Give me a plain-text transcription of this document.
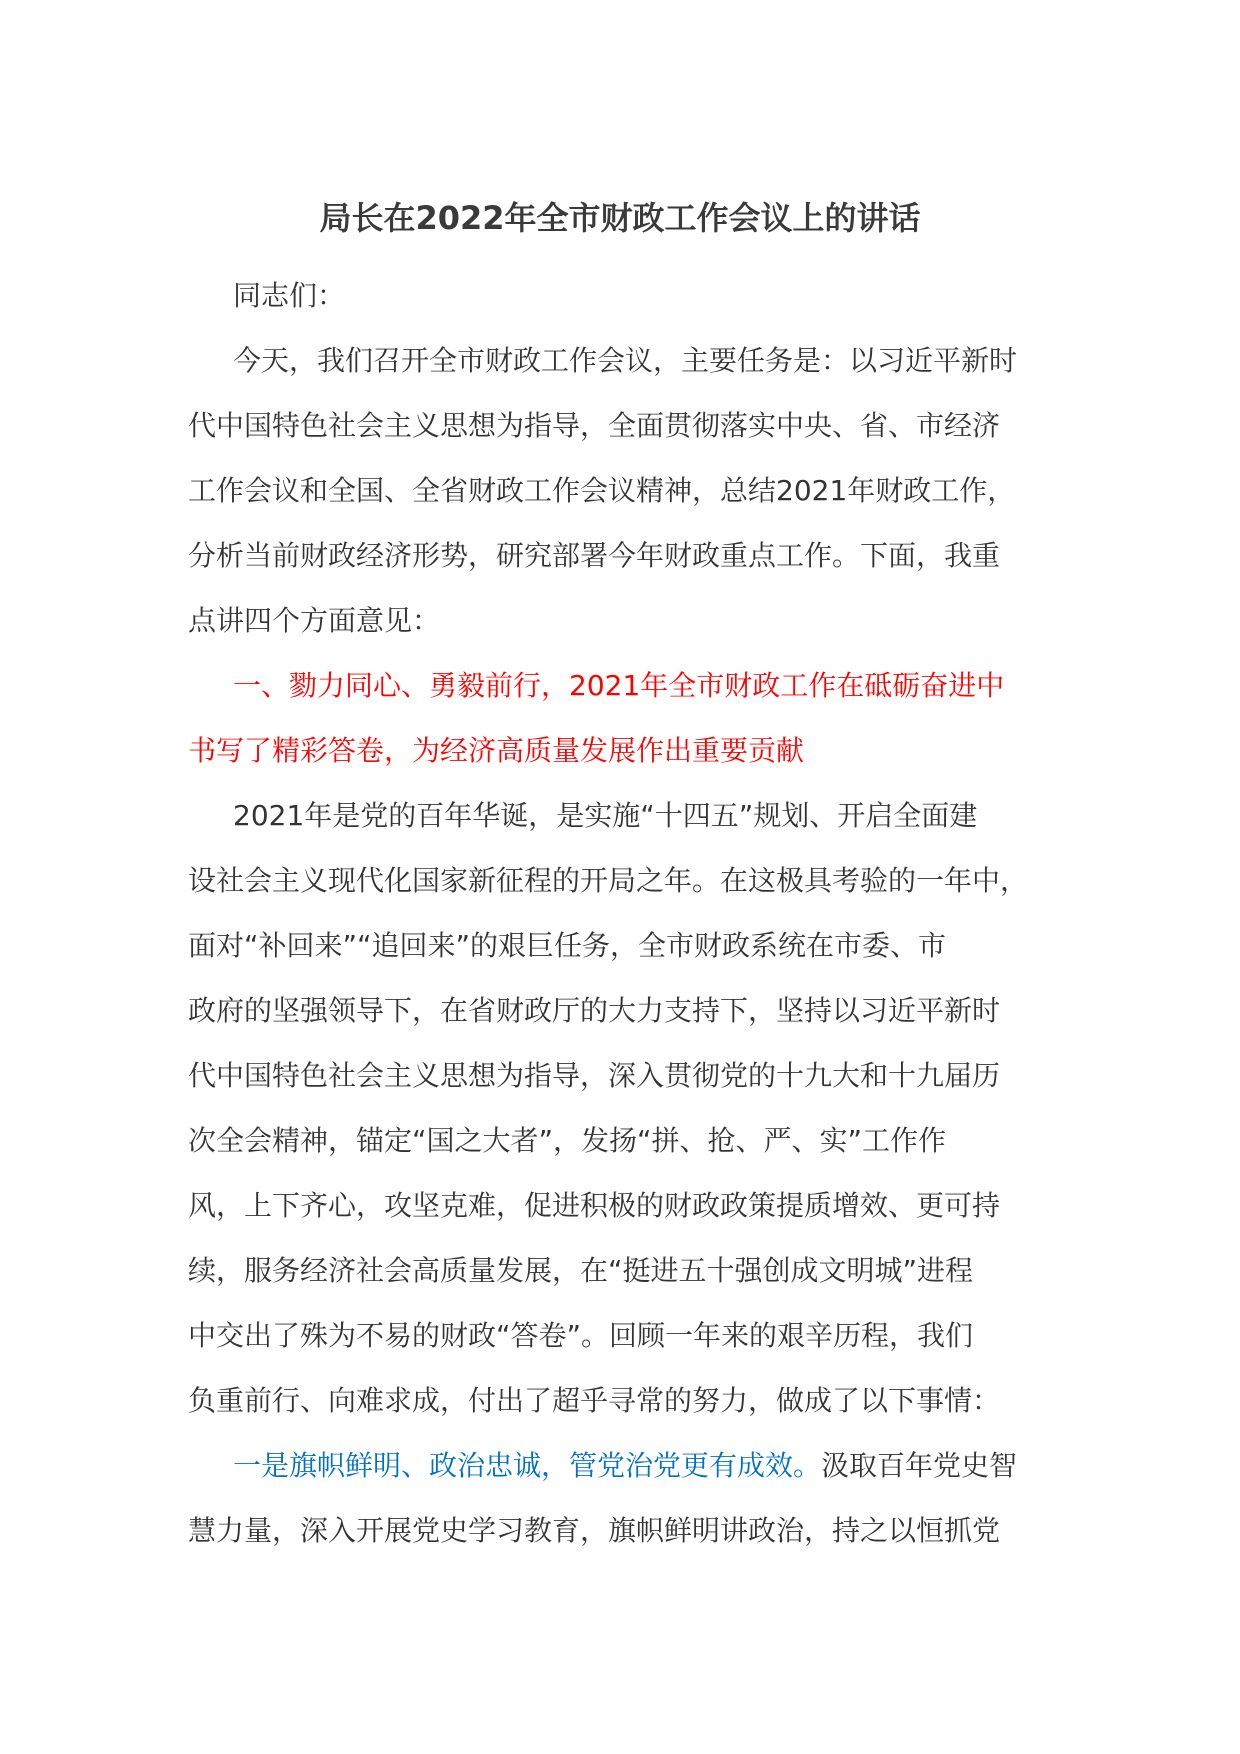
局长在2022年全市财政工作会议上的讲话
同志们：
今天，我们召开全市财政工作会议，主要任务是：以习近平新时
代中国特色社会主义思想为指导，全面贯彻落实中央、省、市经济
工作会议和全国、全省财政工作会议精神，总结2021年财政工作，
分析当前财政经济形势，研究部署今年财政重点工作。下面，我重
点讲四个方面意见：
一、勠力同心、勇毅前行，2021年全市财政工作在砥砺奋进中
书写了精彩答卷，为经济高质量发展作出重要贡献
2021年是党的百年华诞，是实施“十四五”规划、开启全面建
设社会主义现代化国家新征程的开局之年。在这极具考验的一年中，
面对“补回来”“追回来”的艰巨任务，全市财政系统在市委、市
政府的坚强领导下，在省财政厅的大力支持下，坚持以习近平新时
代中国特色社会主义思想为指导，深入贯彻党的十九大和十九届历
次全会精神，锚定“国之大者”，发扬“拼、抢、严、实”工作作
风，上下齐心，攻坚克难，促进积极的财政政策提质增效、更可持
续，服务经济社会高质量发展，在“挺进五十强创成文明城”进程
中交出了殊为不易的财政“答卷”。回顾一年来的艰辛历程，我们
负重前行、向难求成，付出了超乎寻常的努力，做成了以下事情：
一是旗帜鲜明、政治忠诚，管党治党更有成效。汲取百年党史智
慧力量，深入开展党史学习教育，旗帜鲜明讲政治，持之以恒抓党
